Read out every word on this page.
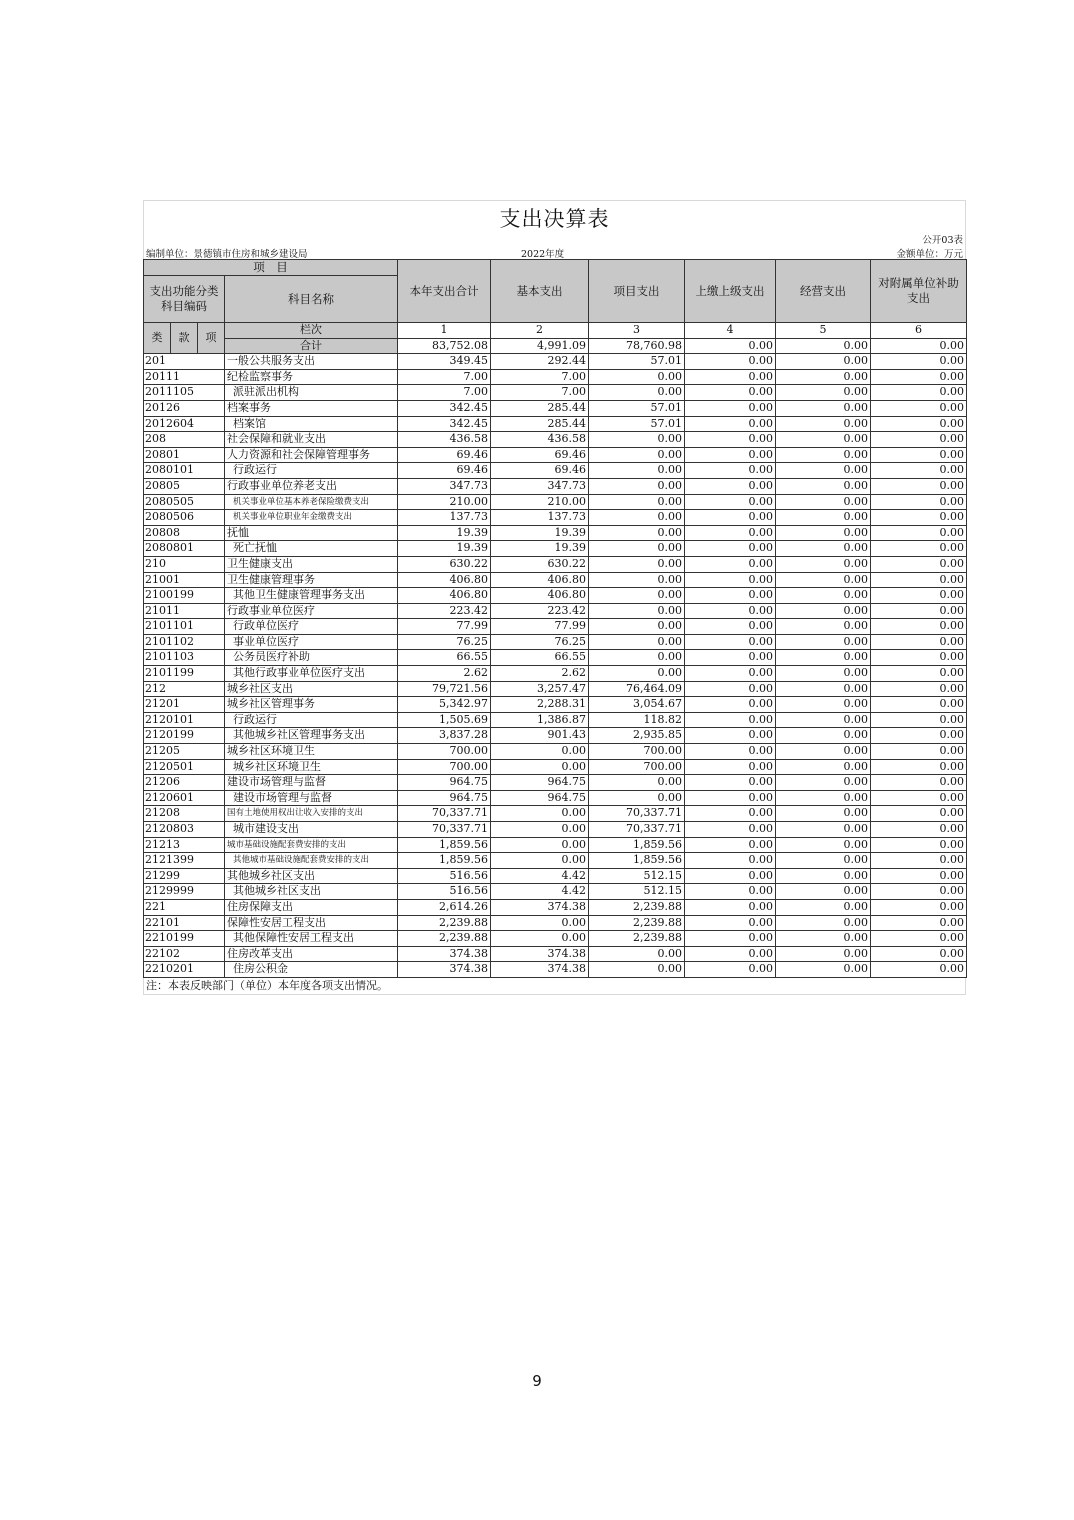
支出决算表
公开03表
编制单位：景德镇市住房和城乡建设局	2022年度	金额单位：万元
项　目				本年支出合计	基本支出	项目支出	上缴上级支出	经营支出	对附属单位补助支出
支出功能分类科目编码			科目名称						

类	款	项	栏次	1	2	3	4	5	6
			合计	83,752.08	4,991.09	78,760.98	0.00	0.00	0.00
201			一般公共服务支出	349.45	292.44	57.01	0.00	0.00	0.00
20111			纪检监察事务	7.00	7.00	0.00	0.00	0.00	0.00
2011105			派驻派出机构	7.00	7.00	0.00	0.00	0.00	0.00
20126			档案事务	342.45	285.44	57.01	0.00	0.00	0.00
2012604			档案馆	342.45	285.44	57.01	0.00	0.00	0.00
208			社会保障和就业支出	436.58	436.58	0.00	0.00	0.00	0.00
20801			人力资源和社会保障管理事务	69.46	69.46	0.00	0.00	0.00	0.00
2080101			行政运行	69.46	69.46	0.00	0.00	0.00	0.00
20805			行政事业单位养老支出	347.73	347.73	0.00	0.00	0.00	0.00
2080505			机关事业单位基本养老保险缴费支出	210.00	210.00	0.00	0.00	0.00	0.00
2080506			机关事业单位职业年金缴费支出	137.73	137.73	0.00	0.00	0.00	0.00
20808			抚恤	19.39	19.39	0.00	0.00	0.00	0.00
2080801			死亡抚恤	19.39	19.39	0.00	0.00	0.00	0.00
210			卫生健康支出	630.22	630.22	0.00	0.00	0.00	0.00
21001			卫生健康管理事务	406.80	406.80	0.00	0.00	0.00	0.00
2100199			其他卫生健康管理事务支出	406.80	406.80	0.00	0.00	0.00	0.00
21011			行政事业单位医疗	223.42	223.42	0.00	0.00	0.00	0.00
2101101			行政单位医疗	77.99	77.99	0.00	0.00	0.00	0.00
2101102			事业单位医疗	76.25	76.25	0.00	0.00	0.00	0.00
2101103			公务员医疗补助	66.55	66.55	0.00	0.00	0.00	0.00
2101199			其他行政事业单位医疗支出	2.62	2.62	0.00	0.00	0.00	0.00
212			城乡社区支出	79,721.56	3,257.47	76,464.09	0.00	0.00	0.00
21201			城乡社区管理事务	5,342.97	2,288.31	3,054.67	0.00	0.00	0.00
2120101			行政运行	1,505.69	1,386.87	118.82	0.00	0.00	0.00
2120199			其他城乡社区管理事务支出	3,837.28	901.43	2,935.85	0.00	0.00	0.00
21205			城乡社区环境卫生	700.00	0.00	700.00	0.00	0.00	0.00
2120501			城乡社区环境卫生	700.00	0.00	700.00	0.00	0.00	0.00
21206			建设市场管理与监督	964.75	964.75	0.00	0.00	0.00	0.00
2120601			建设市场管理与监督	964.75	964.75	0.00	0.00	0.00	0.00
21208			国有土地使用权出让收入安排的支出	70,337.71	0.00	70,337.71	0.00	0.00	0.00
2120803			城市建设支出	70,337.71	0.00	70,337.71	0.00	0.00	0.00
21213			城市基础设施配套费安排的支出	1,859.56	0.00	1,859.56	0.00	0.00	0.00
2121399			其他城市基础设施配套费安排的支出	1,859.56	0.00	1,859.56	0.00	0.00	0.00
21299			其他城乡社区支出	516.56	4.42	512.15	0.00	0.00	0.00
2129999			其他城乡社区支出	516.56	4.42	512.15	0.00	0.00	0.00
221			住房保障支出	2,614.26	374.38	2,239.88	0.00	0.00	0.00
22101			保障性安居工程支出	2,239.88	0.00	2,239.88	0.00	0.00	0.00
2210199			其他保障性安居工程支出	2,239.88	0.00	2,239.88	0.00	0.00	0.00
22102			住房改革支出	374.38	374.38	0.00	0.00	0.00	0.00
2210201			住房公积金	374.38	374.38	0.00	0.00	0.00	0.00
注：本表反映部门（单位）本年度各项支出情况。
9
